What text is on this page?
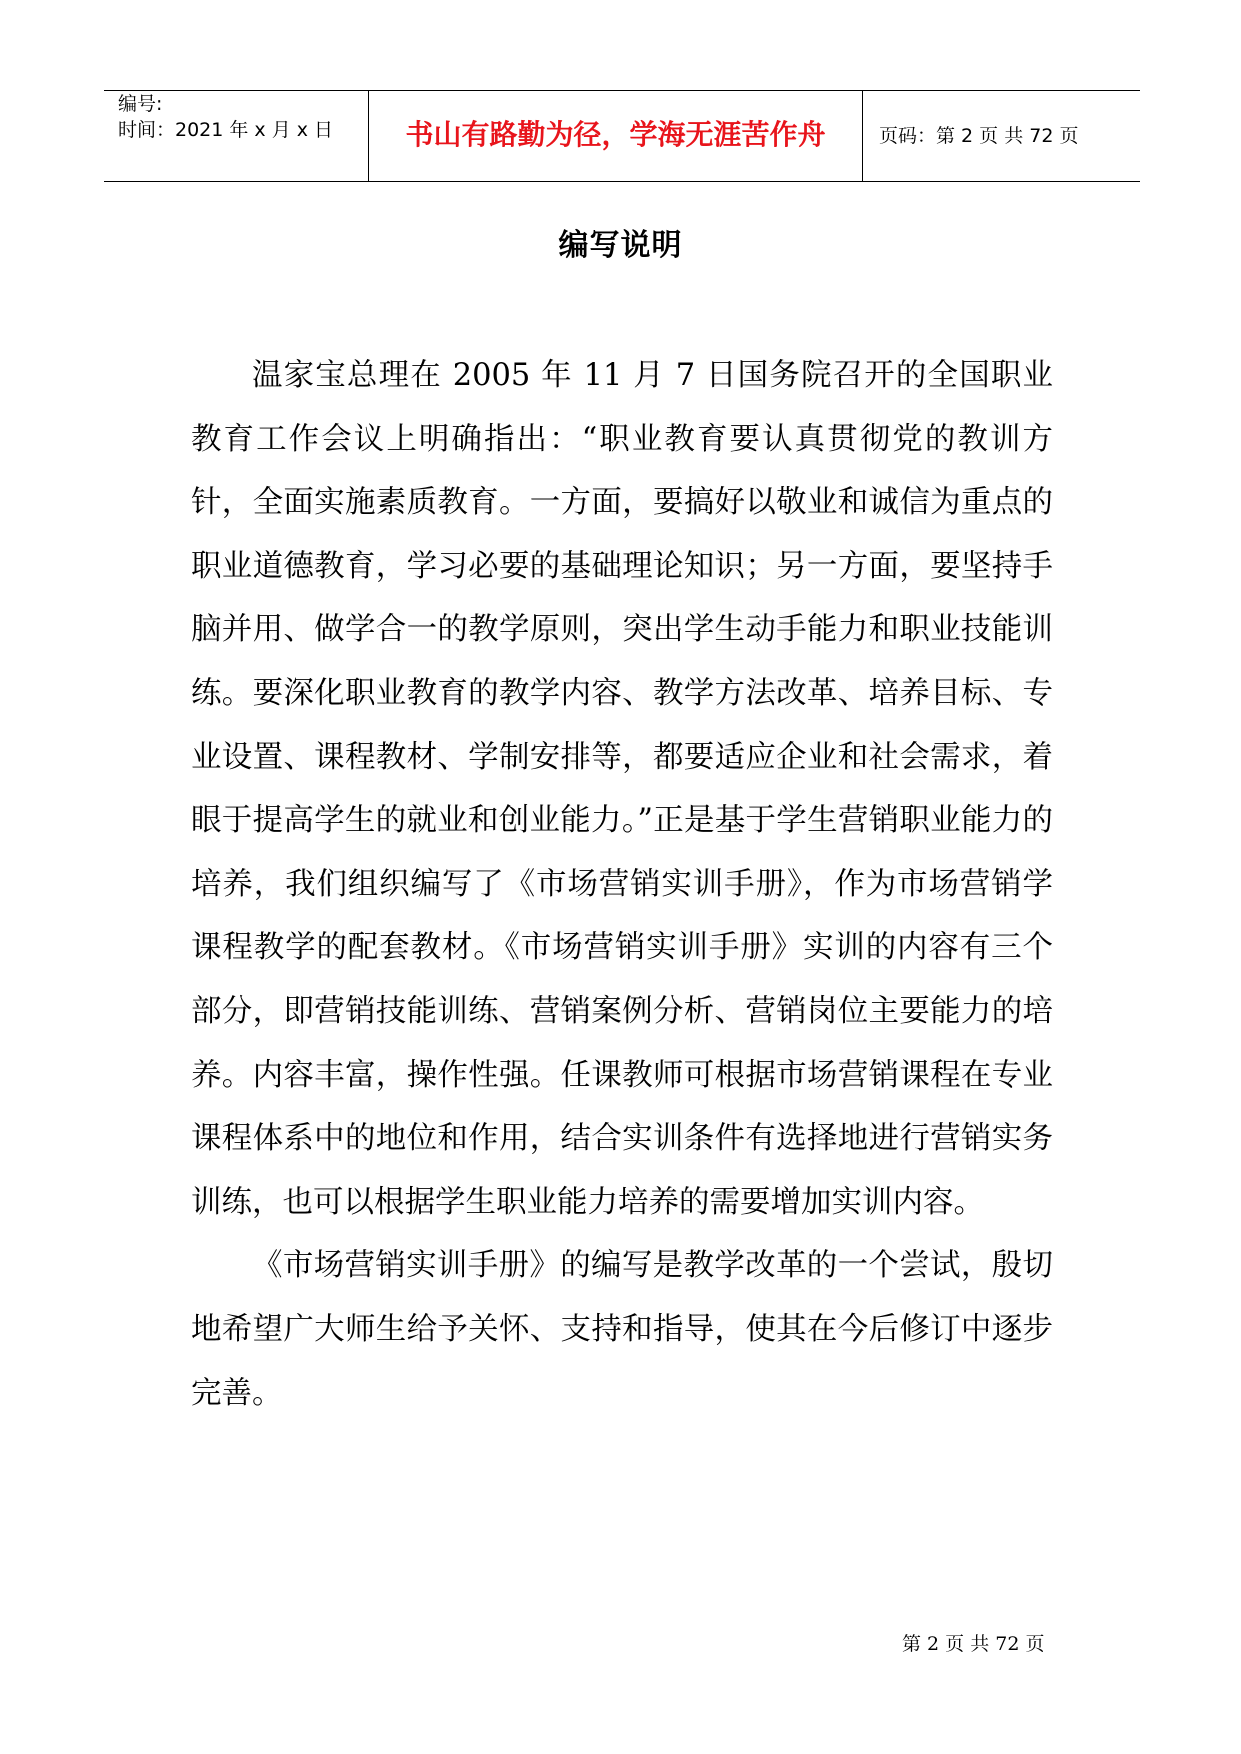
编号:
时间：2021 年 x 月 x 日	书山有路勤为径，学海无涯苦作舟	页码：第 2 页 共 72 页
编写说明

温家宝总理在 2005 年 11 月 7 日国务院召开的全国职业教育工作会议上明确指出：“职业教育要认真贯彻党的教训方针，全面实施素质教育。一方面，要搞好以敬业和诚信为重点的职业道德教育，学习必要的基础理论知识；另一方面，要坚持手脑并用、做学合一的教学原则，突出学生动手能力和职业技能训练。要深化职业教育的教学内容、教学方法改革、培养目标、专业设置、课程教材、学制安排等，都要适应企业和社会需求，着眼于提高学生的就业和创业能力。”正是基于学生营销职业能力的培养，我们组织编写了《市场营销实训手册》，作为市场营销学课程教学的配套教材。《市场营销实训手册》实训的内容有三个部分，即营销技能训练、营销案例分析、营销岗位主要能力的培养。内容丰富，操作性强。任课教师可根据市场营销课程在专业课程体系中的地位和作用，结合实训条件有选择地进行营销实务训练，也可以根据学生职业能力培养的需要增加实训内容。

《市场营销实训手册》的编写是教学改革的一个尝试，殷切地希望广大师生给予关怀、支持和指导，使其在今后修订中逐步完善。

第 2 页 共 72 页
